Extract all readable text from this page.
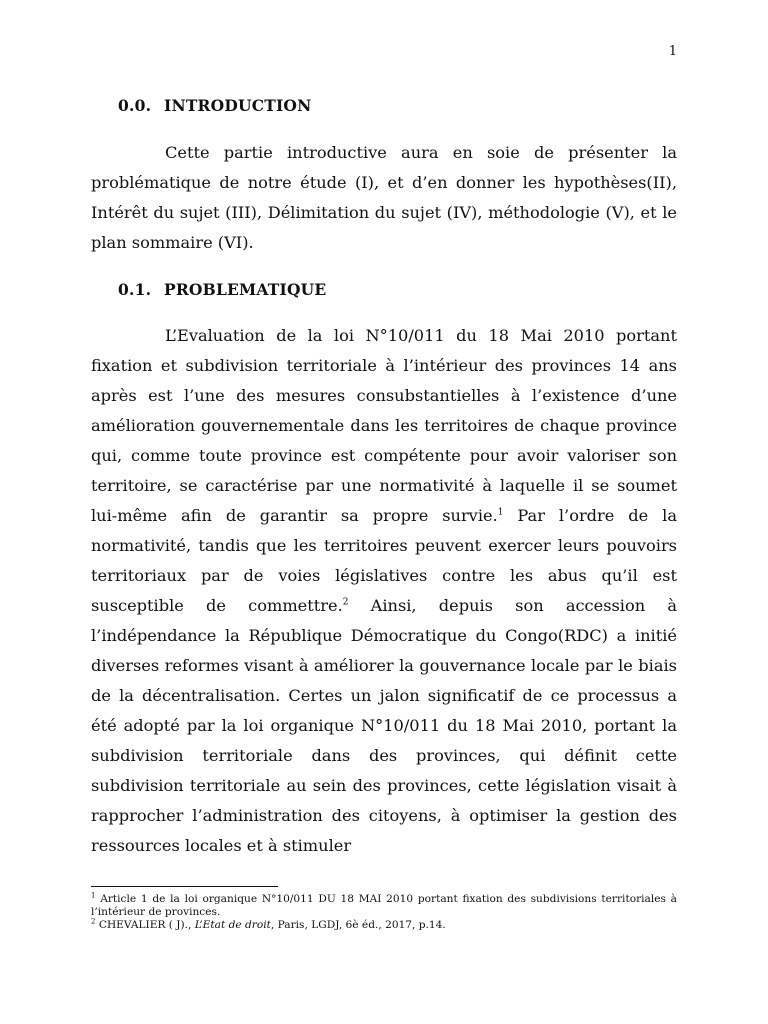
1
0.0. INTRODUCTION

Cette partie introductive aura en soie de présenter la problématique de notre étude (I), et d’en donner les hypothèses(II), Intérêt du sujet (III), Délimitation du sujet (IV), méthodologie (V), et le plan sommaire (VI).

0.1. PROBLEMATIQUE

L’Evaluation de la loi N°10/011 du 18 Mai 2010 portant fixation et subdivision territoriale à l’intérieur des provinces 14 ans après est l’une des mesures consubstantielles à l’existence d’une amélioration gouvernementale dans les territoires de chaque province qui, comme toute province est compétente pour avoir valoriser son territoire, se caractérise par une normativité à laquelle il se soumet lui-même afin de garantir sa propre survie.$^1$ Par l’ordre de la normativité, tandis que les territoires peuvent exercer leurs pouvoirs territoriaux par de voies législatives contre les abus qu’il est susceptible de commettre.$^2$ Ainsi, depuis son accession à l’indépendance la République Démocratique du Congo(RDC) a initié diverses reformes visant à améliorer la gouvernance locale par le biais de la décentralisation. Certes un jalon significatif de ce processus a été adopté par la loi organique N°10/011 du 18 Mai 2010, portant la subdivision territoriale dans des provinces, qui définit cette subdivision territoriale au sein des provinces, cette législation visait à rapprocher l’administration des citoyens, à optimiser la gestion des ressources locales et à stimuler

$^1$ Article 1 de la loi organique N°10/011 DU 18 MAI 2010 portant fixation des subdivisions territoriales à l’intérieur de provinces.
$^2$ CHEVALIER ( J)., L’Etat de droit, Paris, LGDJ, 6è éd., 2017, p.14.
